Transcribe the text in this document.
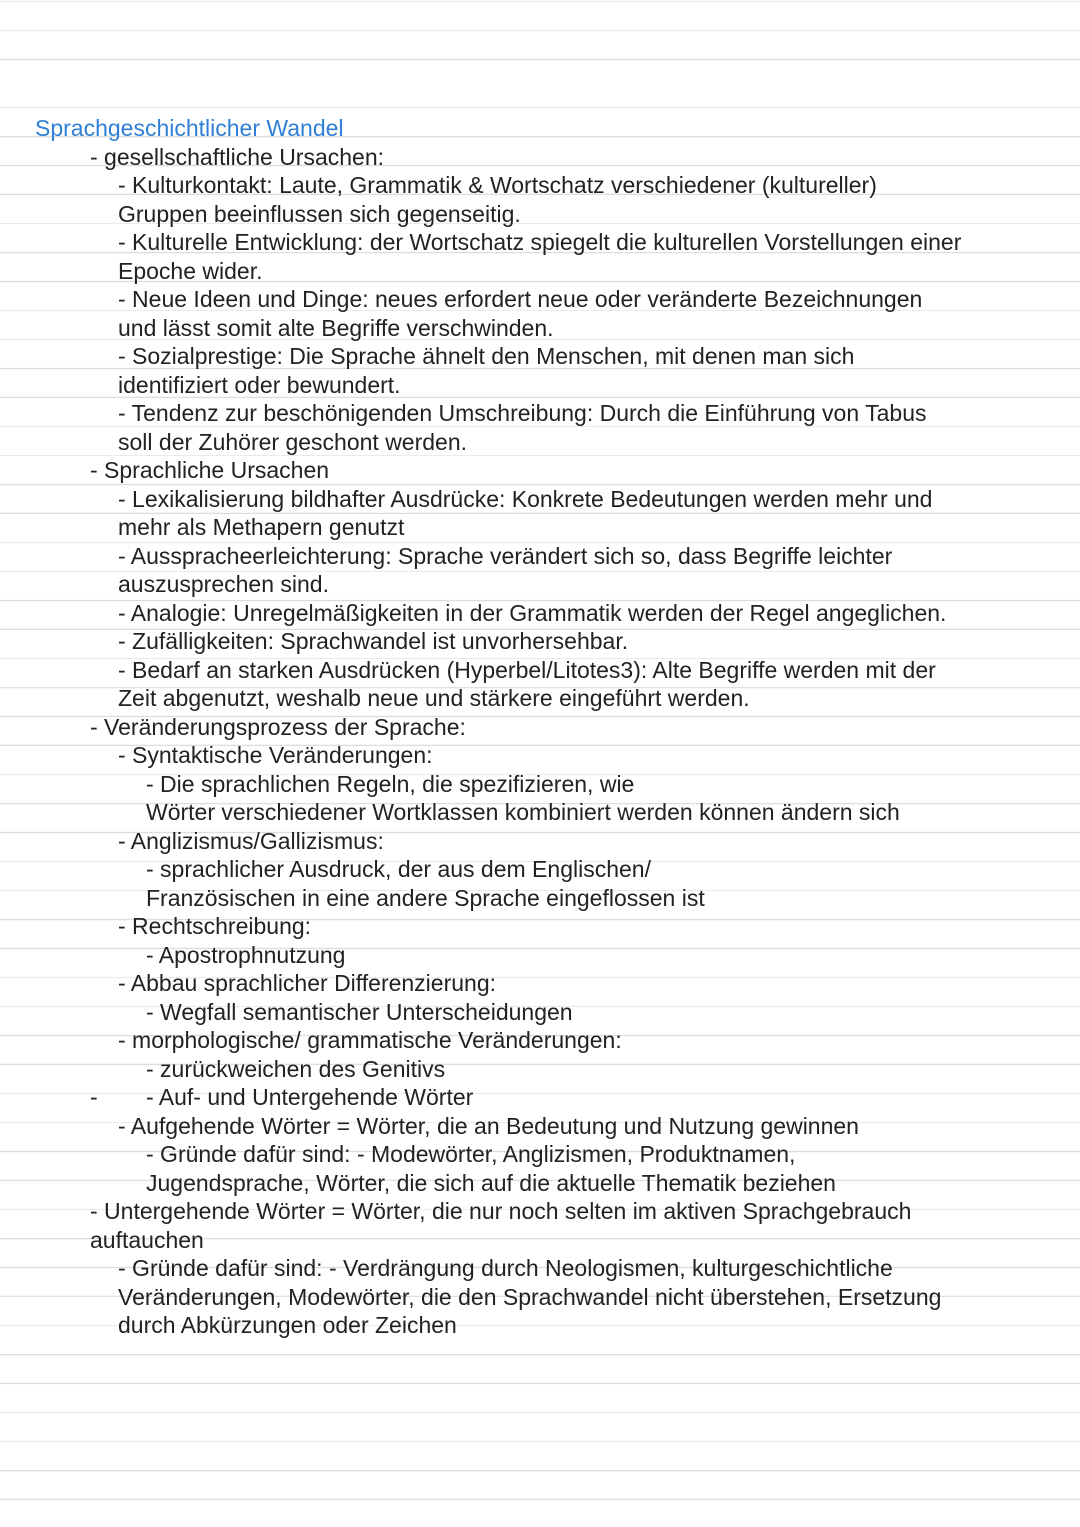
Sprachgeschichtlicher Wandel
- gesellschaftliche Ursachen:
- Kulturkontakt: Laute, Grammatik & Wortschatz verschiedener (kultureller)
Gruppen beeinflussen sich gegenseitig.
- Kulturelle Entwicklung: der Wortschatz spiegelt die kulturellen Vorstellungen einer
Epoche wider.
- Neue Ideen und Dinge: neues erfordert neue oder veränderte Bezeichnungen
und lässt somit alte Begriffe verschwinden.
- Sozialprestige: Die Sprache ähnelt den Menschen, mit denen man sich
identifiziert oder bewundert.
- Tendenz zur beschönigenden Umschreibung: Durch die Einführung von Tabus
soll der Zuhörer geschont werden.
- Sprachliche Ursachen
- Lexikalisierung bildhafter Ausdrücke: Konkrete Bedeutungen werden mehr und
mehr als Methapern genutzt
- Ausspracheerleichterung: Sprache verändert sich so, dass Begriffe leichter
auszusprechen sind.
- Analogie: Unregelmäßigkeiten in der Grammatik werden der Regel angeglichen.
- Zufälligkeiten: Sprachwandel ist unvorhersehbar.
- Bedarf an starken Ausdrücken (Hyperbel/Litotes3): Alte Begriffe werden mit der
Zeit abgenutzt, weshalb neue und stärkere eingeführt werden.
- Veränderungsprozess der Sprache:
- Syntaktische Veränderungen:
- Die sprachlichen Regeln, die spezifizieren, wie
Wörter verschiedener Wortklassen kombiniert werden können ändern sich
- Anglizismus/Gallizismus:
- sprachlicher Ausdruck, der aus dem Englischen/
Französischen in eine andere Sprache eingeflossen ist
- Rechtschreibung:
- Apostrophnutzung
- Abbau sprachlicher Differenzierung:
- Wegfall semantischer Unterscheidungen
- morphologische/ grammatische Veränderungen:
- zurückweichen des Genitivs
- - Auf- und Untergehende Wörter
- Aufgehende Wörter = Wörter, die an Bedeutung und Nutzung gewinnen
- Gründe dafür sind: - Modewörter, Anglizismen, Produktnamen,
Jugendsprache, Wörter, die sich auf die aktuelle Thematik beziehen
- Untergehende Wörter = Wörter, die nur noch selten im aktiven Sprachgebrauch
auftauchen
- Gründe dafür sind: - Verdrängung durch Neologismen, kulturgeschichtliche
Veränderungen, Modewörter, die den Sprachwandel nicht überstehen, Ersetzung
durch Abkürzungen oder Zeichen
